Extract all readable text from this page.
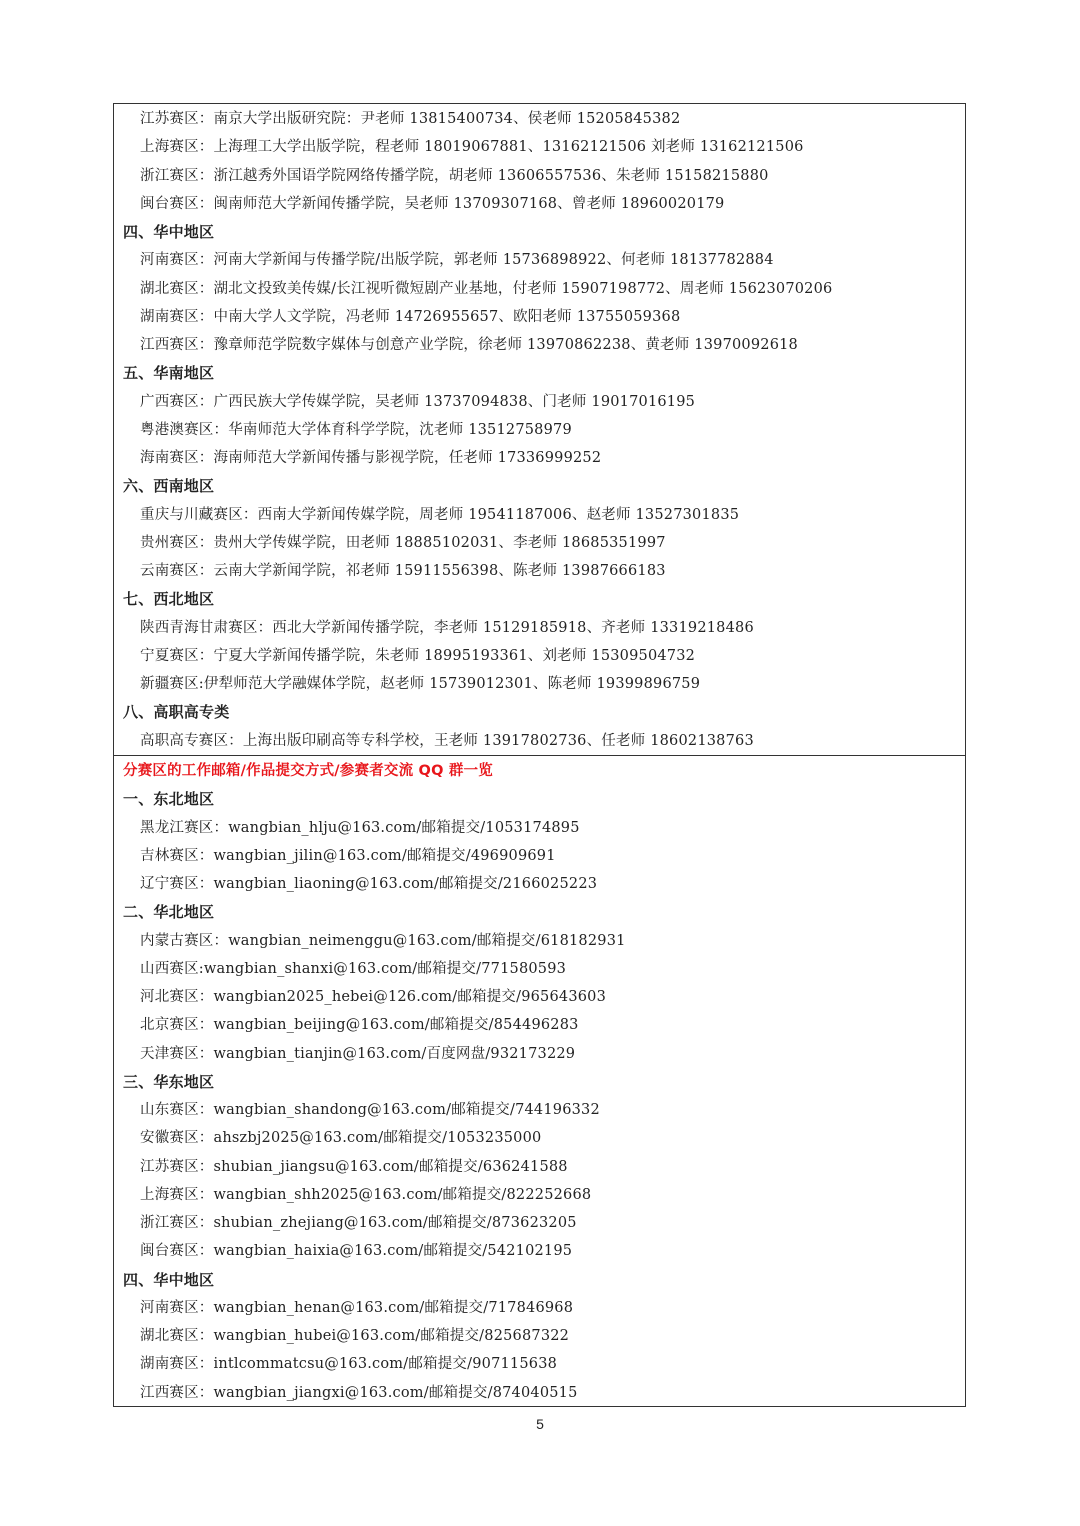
江苏赛区：南京大学出版研究院：尹老师 13815400734、侯老师 15205845382
上海赛区：上海理工大学出版学院，程老师 18019067881、13162121506 刘老师 13162121506
浙江赛区：浙江越秀外国语学院网络传播学院，胡老师 13606557536、朱老师 15158215880
闽台赛区：闽南师范大学新闻传播学院，吴老师 13709307168、曾老师 18960020179
四、华中地区
河南赛区：河南大学新闻与传播学院/出版学院，郭老师 15736898922、何老师 18137782884
湖北赛区：湖北文投致美传媒/长江视听微短剧产业基地，付老师 15907198772、周老师 15623070206
湖南赛区：中南大学人文学院，冯老师 14726955657、欧阳老师 13755059368
江西赛区：豫章师范学院数字媒体与创意产业学院，徐老师 13970862238、黄老师 13970092618
五、华南地区
广西赛区：广西民族大学传媒学院，吴老师 13737094838、门老师 19017016195
粤港澳赛区：华南师范大学体育科学学院，沈老师 13512758979
海南赛区：海南师范大学新闻传播与影视学院，任老师 17336999252
六、西南地区
重庆与川藏赛区：西南大学新闻传媒学院，周老师 19541187006、赵老师 13527301835
贵州赛区：贵州大学传媒学院，田老师 18885102031、李老师 18685351997
云南赛区：云南大学新闻学院，祁老师 15911556398、陈老师 13987666183
七、西北地区
陕西青海甘肃赛区：西北大学新闻传播学院，李老师 15129185918、齐老师 13319218486
宁夏赛区：宁夏大学新闻传播学院，朱老师 18995193361、刘老师 15309504732
新疆赛区:伊犁师范大学融媒体学院，赵老师 15739012301、陈老师 19399896759
八、高职高专类
高职高专赛区：上海出版印刷高等专科学校，王老师 13917802736、任老师 18602138763
分赛区的工作邮箱/作品提交方式/参赛者交流 QQ 群一览
一、东北地区
黑龙江赛区：wangbian_hlju@163.com/邮箱提交/1053174895
吉林赛区：wangbian_jilin@163.com/邮箱提交/496909691
辽宁赛区：wangbian_liaoning@163.com/邮箱提交/2166025223
二、华北地区
内蒙古赛区：wangbian_neimenggu@163.com/邮箱提交/618182931
山西赛区:wangbian_shanxi@163.com/邮箱提交/771580593
河北赛区：wangbian2025_hebei@126.com/邮箱提交/965643603
北京赛区：wangbian_beijing@163.com/邮箱提交/854496283
天津赛区：wangbian_tianjin@163.com/百度网盘/932173229
三、华东地区
山东赛区：wangbian_shandong@163.com/邮箱提交/744196332
安徽赛区：ahszbj2025@163.com/邮箱提交/1053235000
江苏赛区：shubian_jiangsu@163.com/邮箱提交/636241588
上海赛区：wangbian_shh2025@163.com/邮箱提交/822252668
浙江赛区：shubian_zhejiang@163.com/邮箱提交/873623205
闽台赛区：wangbian_haixia@163.com/邮箱提交/542102195
四、华中地区
河南赛区：wangbian_henan@163.com/邮箱提交/717846968
湖北赛区：wangbian_hubei@163.com/邮箱提交/825687322
湖南赛区：intlcommatcsu@163.com/邮箱提交/907115638
江西赛区：wangbian_jiangxi@163.com/邮箱提交/874040515
5
